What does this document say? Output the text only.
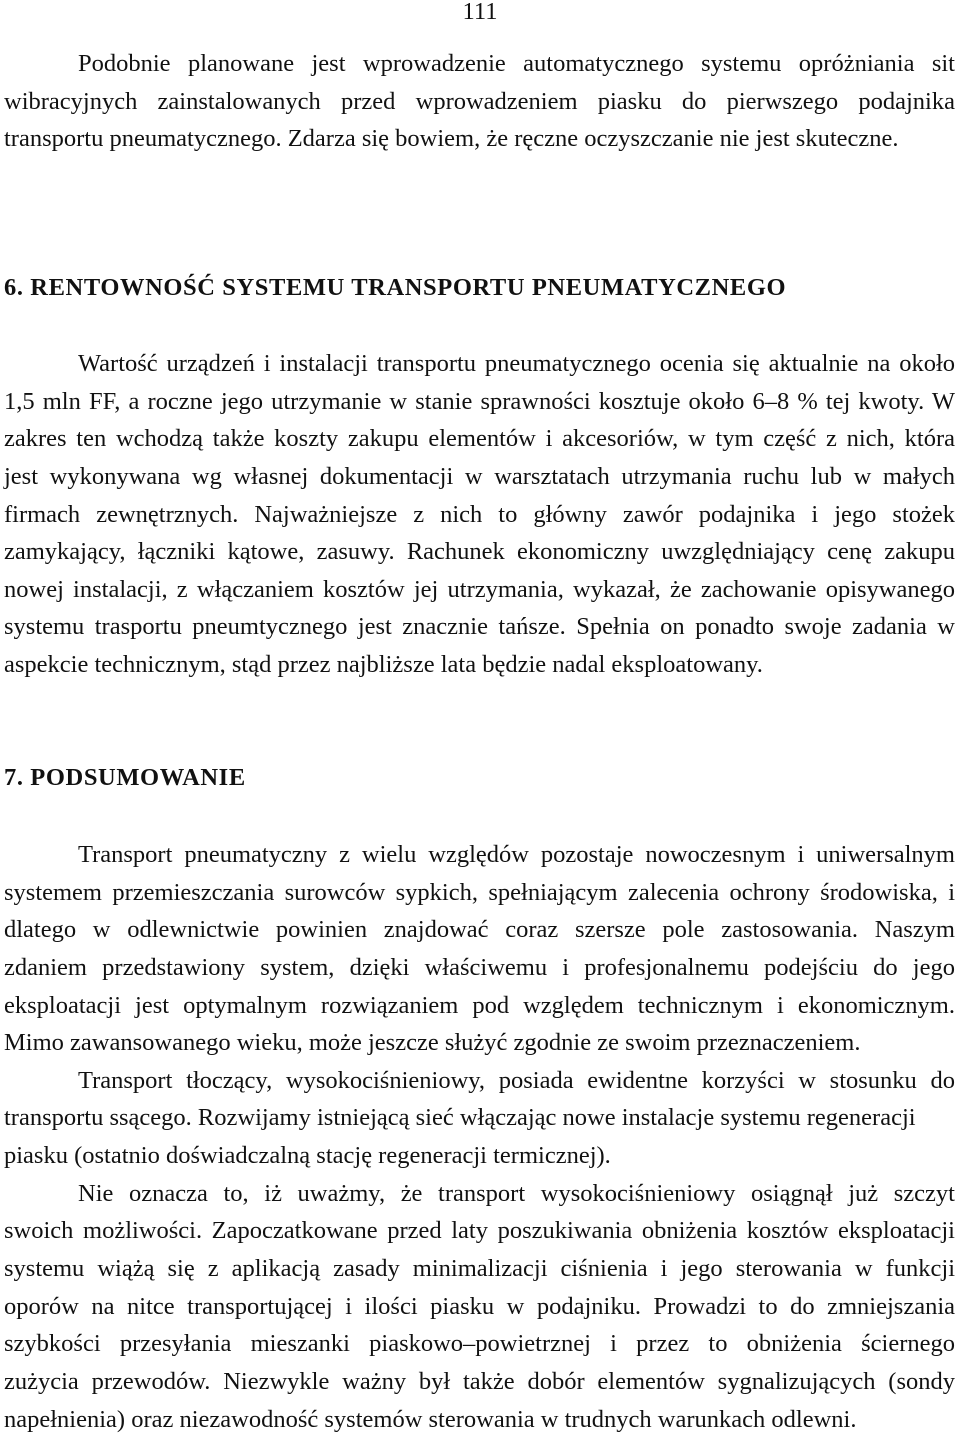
111
Podobnie planowane jest wprowadzenie automatycznego systemu opróżniania sit
wibracyjnych zainstalowanych przed wprowadzeniem piasku do pierwszego podajnika
transportu pneumatycznego. Zdarza się bowiem, że ręczne oczyszczanie nie jest skuteczne.
6. RENTOWNOŚĆ SYSTEMU TRANSPORTU PNEUMATYCZNEGO
Wartość urządzeń i instalacji transportu pneumatycznego ocenia się aktualnie na około
1,5 mln FF, a roczne jego utrzymanie w stanie sprawności kosztuje około 6–8 % tej kwoty. W
zakres ten wchodzą także koszty zakupu elementów i akcesoriów, w tym część z nich, która
jest wykonywana wg własnej dokumentacji w warsztatach utrzymania ruchu lub w małych
firmach zewnętrznych. Najważniejsze z nich to główny zawór podajnika i jego stożek
zamykający, łączniki kątowe, zasuwy. Rachunek ekonomiczny uwzględniający cenę zakupu
nowej instalacji, z włączaniem kosztów jej utrzymania, wykazał, że zachowanie opisywanego
systemu trasportu pneumtycznego jest znacznie tańsze. Spełnia on ponadto swoje zadania w
aspekcie technicznym, stąd przez najbliższe lata będzie nadal eksploatowany.
7. PODSUMOWANIE
Transport pneumatyczny z wielu względów pozostaje nowoczesnym i uniwersalnym
systemem przemieszczania surowców sypkich, spełniającym zalecenia ochrony środowiska, i
dlatego w odlewnictwie powinien znajdować coraz szersze pole zastosowania. Naszym
zdaniem przedstawiony system, dzięki właściwemu i profesjonalnemu podejściu do jego
eksploatacji jest optymalnym rozwiązaniem pod względem technicznym i ekonomicznym.
Mimo zawansowanego wieku, może jeszcze służyć zgodnie ze swoim przeznaczeniem.
Transport tłoczący, wysokociśnieniowy, posiada ewidentne korzyści w stosunku do
transportu ssącego. Rozwijamy istniejącą sieć włączając nowe instalacje systemu regeneracji
piasku (ostatnio doświadczalną stację regeneracji termicznej).
Nie oznacza to, iż uważmy, że transport wysokociśnieniowy osiągnął już szczyt
swoich możliwości. Zapoczatkowane przed laty poszukiwania obniżenia kosztów eksploatacji
systemu wiążą się z aplikacją zasady minimalizacji ciśnienia i jego sterowania w funkcji
oporów na nitce transportującej i ilości piasku w podajniku. Prowadzi to do zmniejszania
szybkości przesyłania mieszanki piaskowo–powietrznej i przez to obniżenia ściernego
zużycia przewodów. Niezwykle ważny był także dobór elementów sygnalizujących (sondy
napełnienia) oraz niezawodność systemów sterowania w trudnych warunkach odlewni.
